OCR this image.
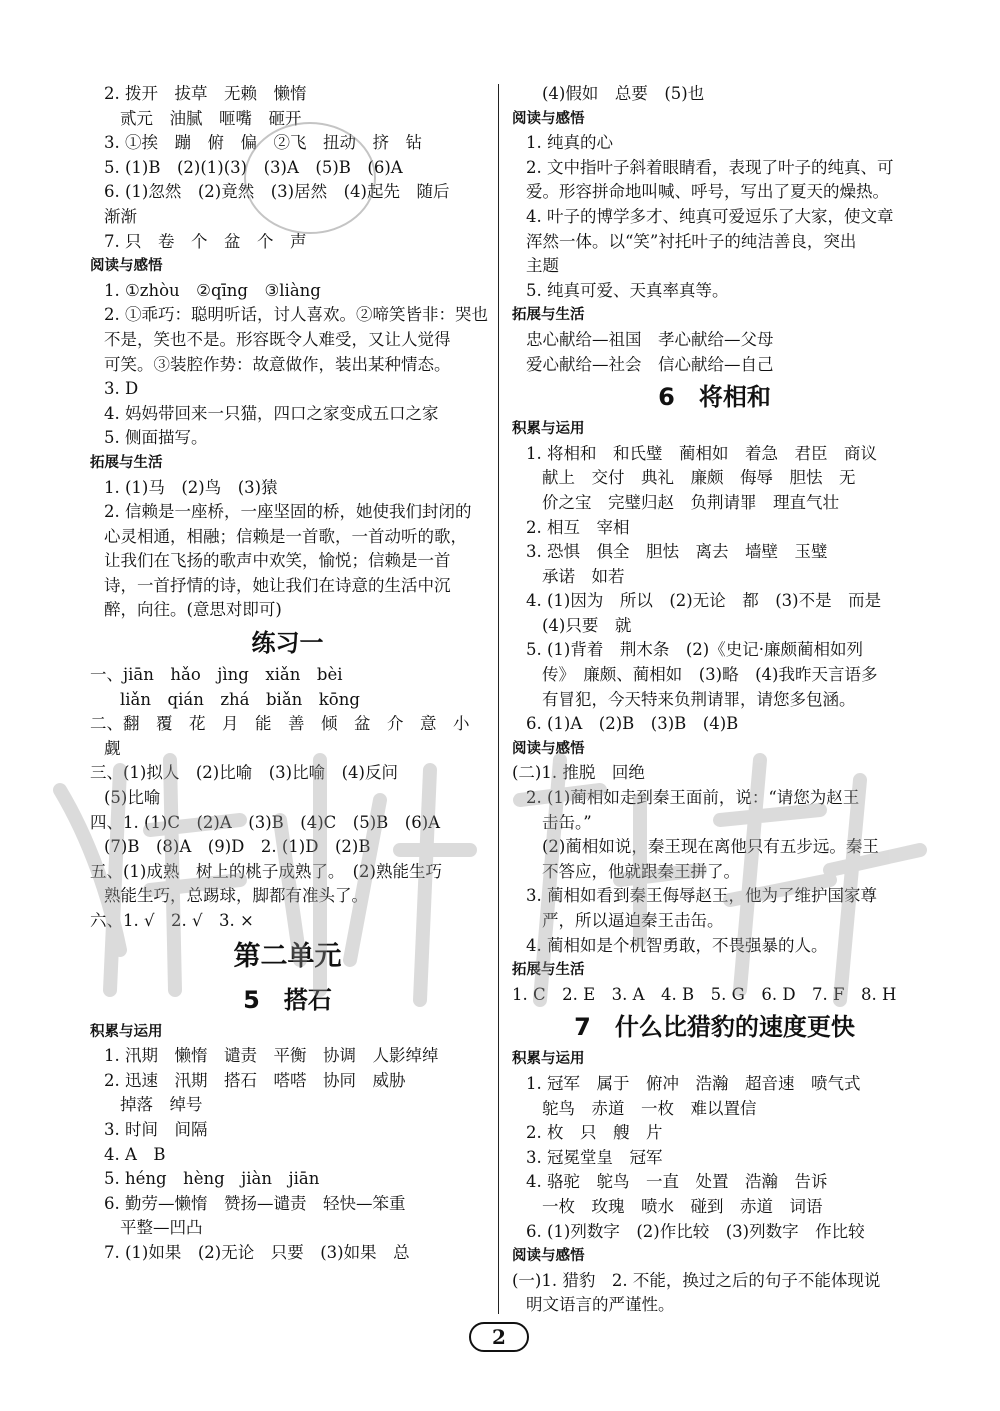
2. 拨开　拔草　无赖　懒惰
贰元　油腻　咂嘴　砸开
3. ①挨　蹦　俯　偏　②飞　扭动　挤　钻
5. (1)B　(2)(1)(3)　(3)A　(5)B　(6)A
6. (1)忽然　(2)竟然　(3)居然　(4)起先　随后
渐渐
7. 只　卷　个　盆　个　声
阅读与感悟
1. ①zhòu　②qīng　③liàng
2. ①乖巧：聪明听话，讨人喜欢。②啼笑皆非：哭也
不是，笑也不是。形容既令人难受，又让人觉得
可笑。③装腔作势：故意做作，装出某种情态。
3. D
4. 妈妈带回来一只猫，四口之家变成五口之家
5. 侧面描写。
拓展与生活
1. (1)马　(2)鸟　(3)猿
2. 信赖是一座桥，一座坚固的桥，她使我们封闭的
心灵相通，相融；信赖是一首歌，一首动听的歌，
让我们在飞扬的歌声中欢笑，愉悦；信赖是一首
诗，一首抒情的诗，她让我们在诗意的生活中沉
醉，向往。(意思对即可)
练习一
一、jiān　hǎo　jìng　xiǎn　bèi
liǎn　qián　zhá　biǎn　kōng
二、翻　覆　花　月　能　善　倾　盆　介　意　小
觑
三、(1)拟人　(2)比喻　(3)比喻　(4)反问
(5)比喻
四、1. (1)C　(2)A　(3)B　(4)C　(5)B　(6)A
(7)B　(8)A　(9)D　2. (1)D　(2)B
五、(1)成熟　树上的桃子成熟了。　(2)熟能生巧
熟能生巧，总踢球，脚都有准头了。
六、1. √　2. √　3. ×
第二单元
5　搭石
积累与运用
1. 汛期　懒惰　谴责　平衡　协调　人影绰绰
2. 迅速　汛期　搭石　嗒嗒　协同　威胁
掉落　绰号
3. 时间　间隔
4. A　B
5. héng　hèng　jiàn　jiān
6. 勤劳—懒惰　赞扬—谴责　轻快—笨重
平整—凹凸
7. (1)如果　(2)无论　只要　(3)如果　总
(4)假如　总要　(5)也
阅读与感悟
1. 纯真的心
2. 文中指叶子斜着眼睛看，表现了叶子的纯真、可
爱。形容拼命地叫喊、呼号，写出了夏天的燥热。
4. 叶子的博学多才、纯真可爱逗乐了大家，使文章
浑然一体。以“笑”衬托叶子的纯洁善良，突出
主题
5. 纯真可爱、天真率真等。
拓展与生活
忠心献给—祖国　孝心献给—父母
爱心献给—社会　信心献给—自己
6　将相和
积累与运用
1. 将相和　和氏璧　蔺相如　着急　君臣　商议
献上　交付　典礼　廉颇　侮辱　胆怯　无
价之宝　完璧归赵　负荆请罪　理直气壮
2. 相互　宰相
3. 恐惧　俱全　胆怯　离去　墙壁　玉璧
承诺　如若
4. (1)因为　所以　(2)无论　都　(3)不是　而是
(4)只要　就
5. (1)背着　荆木条　(2)《史记·廉颇蔺相如列
传》　廉颇、蔺相如　(3)略　(4)我昨天言语多
有冒犯，今天特来负荆请罪，请您多包涵。
6. (1)A　(2)B　(3)B　(4)B
阅读与感悟
(二)1. 推脱　回绝
2. (1)蔺相如走到秦王面前，说：“请您为赵王
击缶。”
(2)蔺相如说，秦王现在离他只有五步远。秦王
不答应，他就跟秦王拼了。
3. 蔺相如看到秦王侮辱赵王，他为了维护国家尊
严，所以逼迫秦王击缶。
4. 蔺相如是个机智勇敢，不畏强暴的人。
拓展与生活
1. C　2. E　3. A　4. B　5. G　6. D　7. F　8. H
7　什么比猎豹的速度更快
积累与运用
1. 冠军　属于　俯冲　浩瀚　超音速　喷气式
鸵鸟　赤道　一枚　难以置信
2. 枚　只　艘　片
3. 冠冕堂皇　冠军
4. 骆驼　鸵鸟　一直　处置　浩瀚　告诉
一枚　玫瑰　喷水　碰到　赤道　词语
6. (1)列数字　(2)作比较　(3)列数字　作比较
阅读与感悟
(一)1. 猎豹　2. 不能，换过之后的句子不能体现说
明文语言的严谨性。
2
